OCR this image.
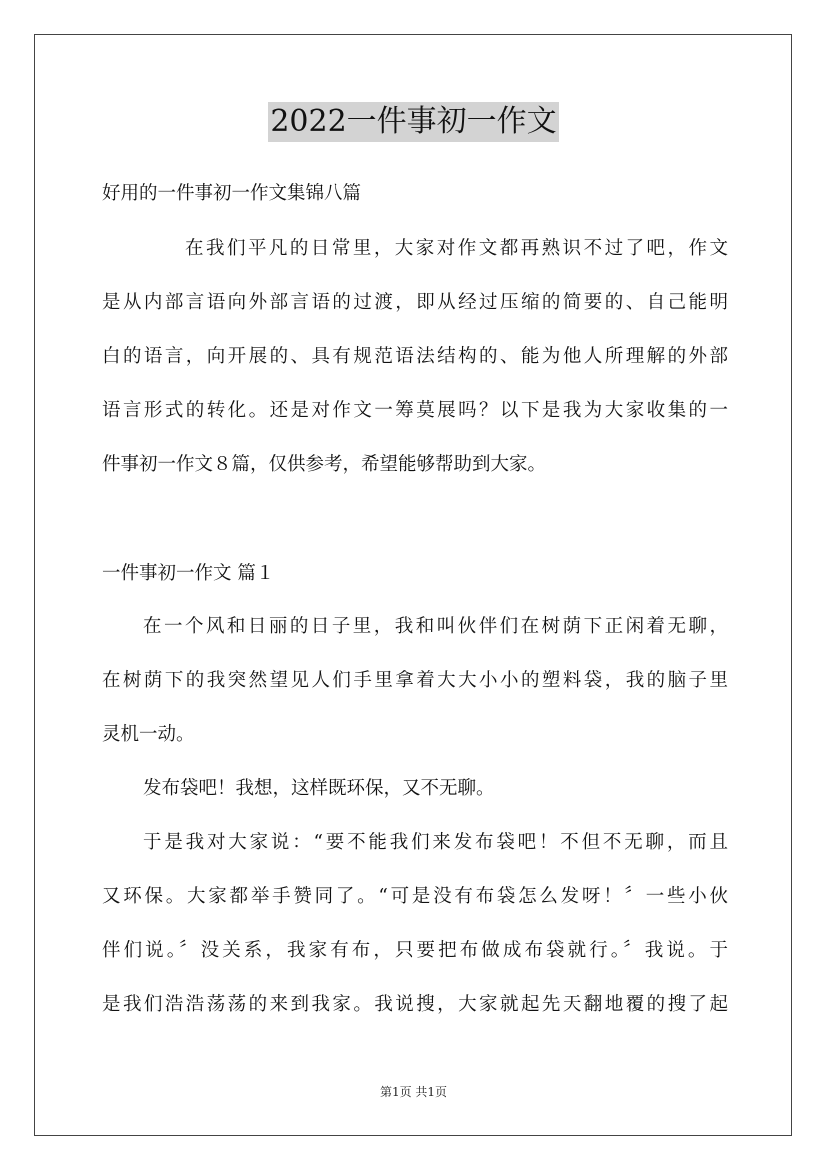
2022一件事初一作文
好用的一件事初一作文集锦八篇
在我们平凡的日常里，大家对作文都再熟识不过了吧，作文
是从内部言语向外部言语的过渡，即从经过压缩的简要的、自己能明
白的语言，向开展的、具有规范语法结构的、能为他人所理解的外部
语言形式的转化。还是对作文一筹莫展吗？以下是我为大家收集的一
件事初一作文８篇，仅供参考，希望能够帮助到大家。
一件事初一作文 篇１
在一个风和日丽的日子里，我和叫伙伴们在树荫下正闲着无聊，
在树荫下的我突然望见人们手里拿着大大小小的塑料袋，我的脑子里
灵机一动。
发布袋吧！我想，这样既环保，又不无聊。
于是我对大家说：“要不能我们来发布袋吧！不但不无聊，而且
又环保。大家都举手赞同了。“可是没有布袋怎么发呀！〞一些小伙
伴们说。〞没关系，我家有布，只要把布做成布袋就行。〞我说。于
是我们浩浩荡荡的来到我家。我说搜，大家就起先天翻地覆的搜了起
第1页 共1页
